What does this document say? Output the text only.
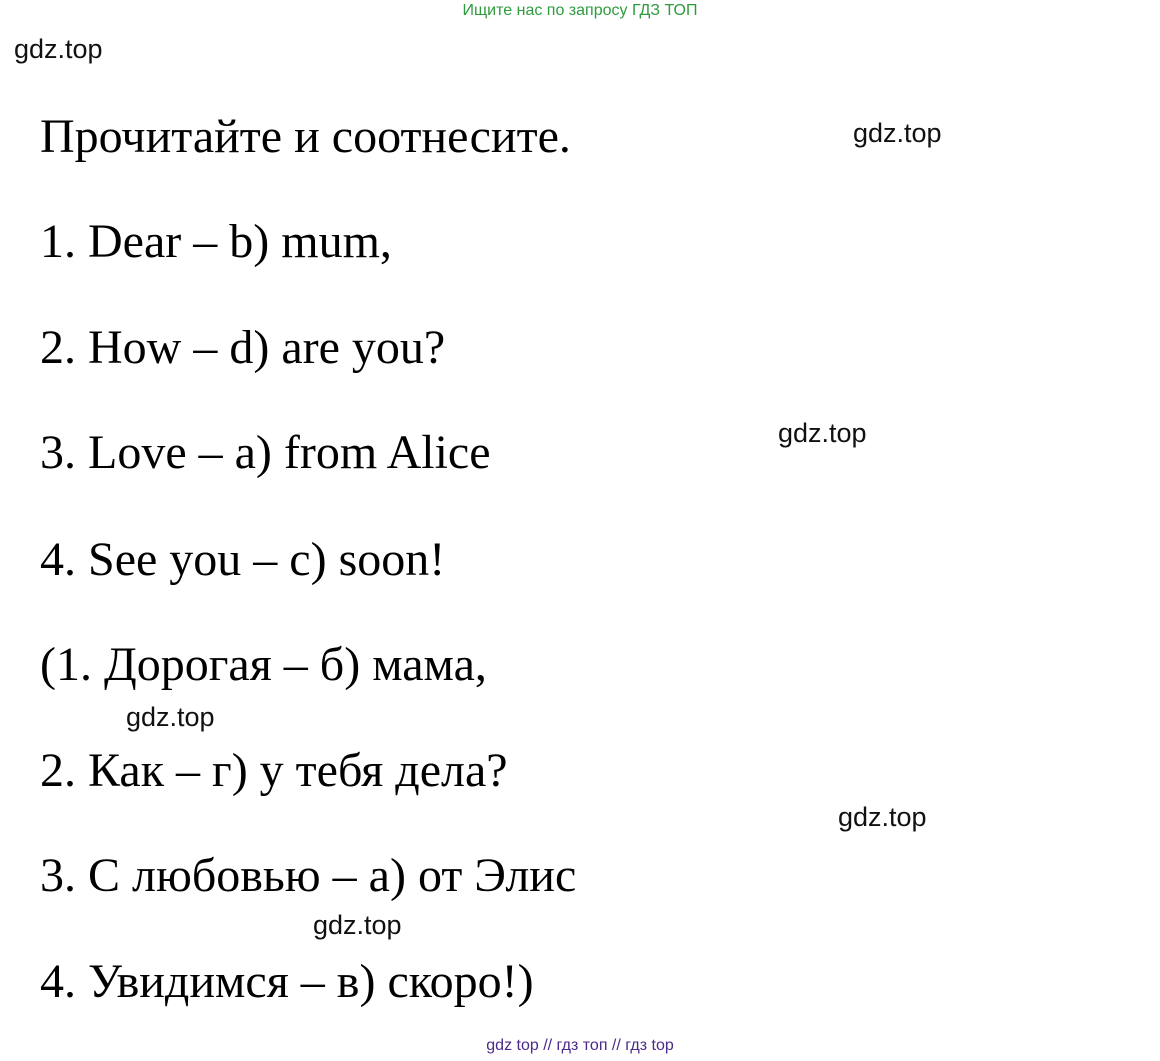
Ищите нас по запросу ГДЗ ТОП
gdz.top
gdz.top
gdz.top
gdz.top
gdz.top
gdz.top
Прочитайте и соотнесите.
1. Dear – b) mum,
2. How – d) are you?
3. Love – a) from Alice
4. See you – c) soon!
(1. Дорогая – б) мама,
2. Как – г) у тебя дела?
3. С любовью – а) от Элис
4. Увидимся – в) скоро!)
gdz top // гдз топ // гдз top
